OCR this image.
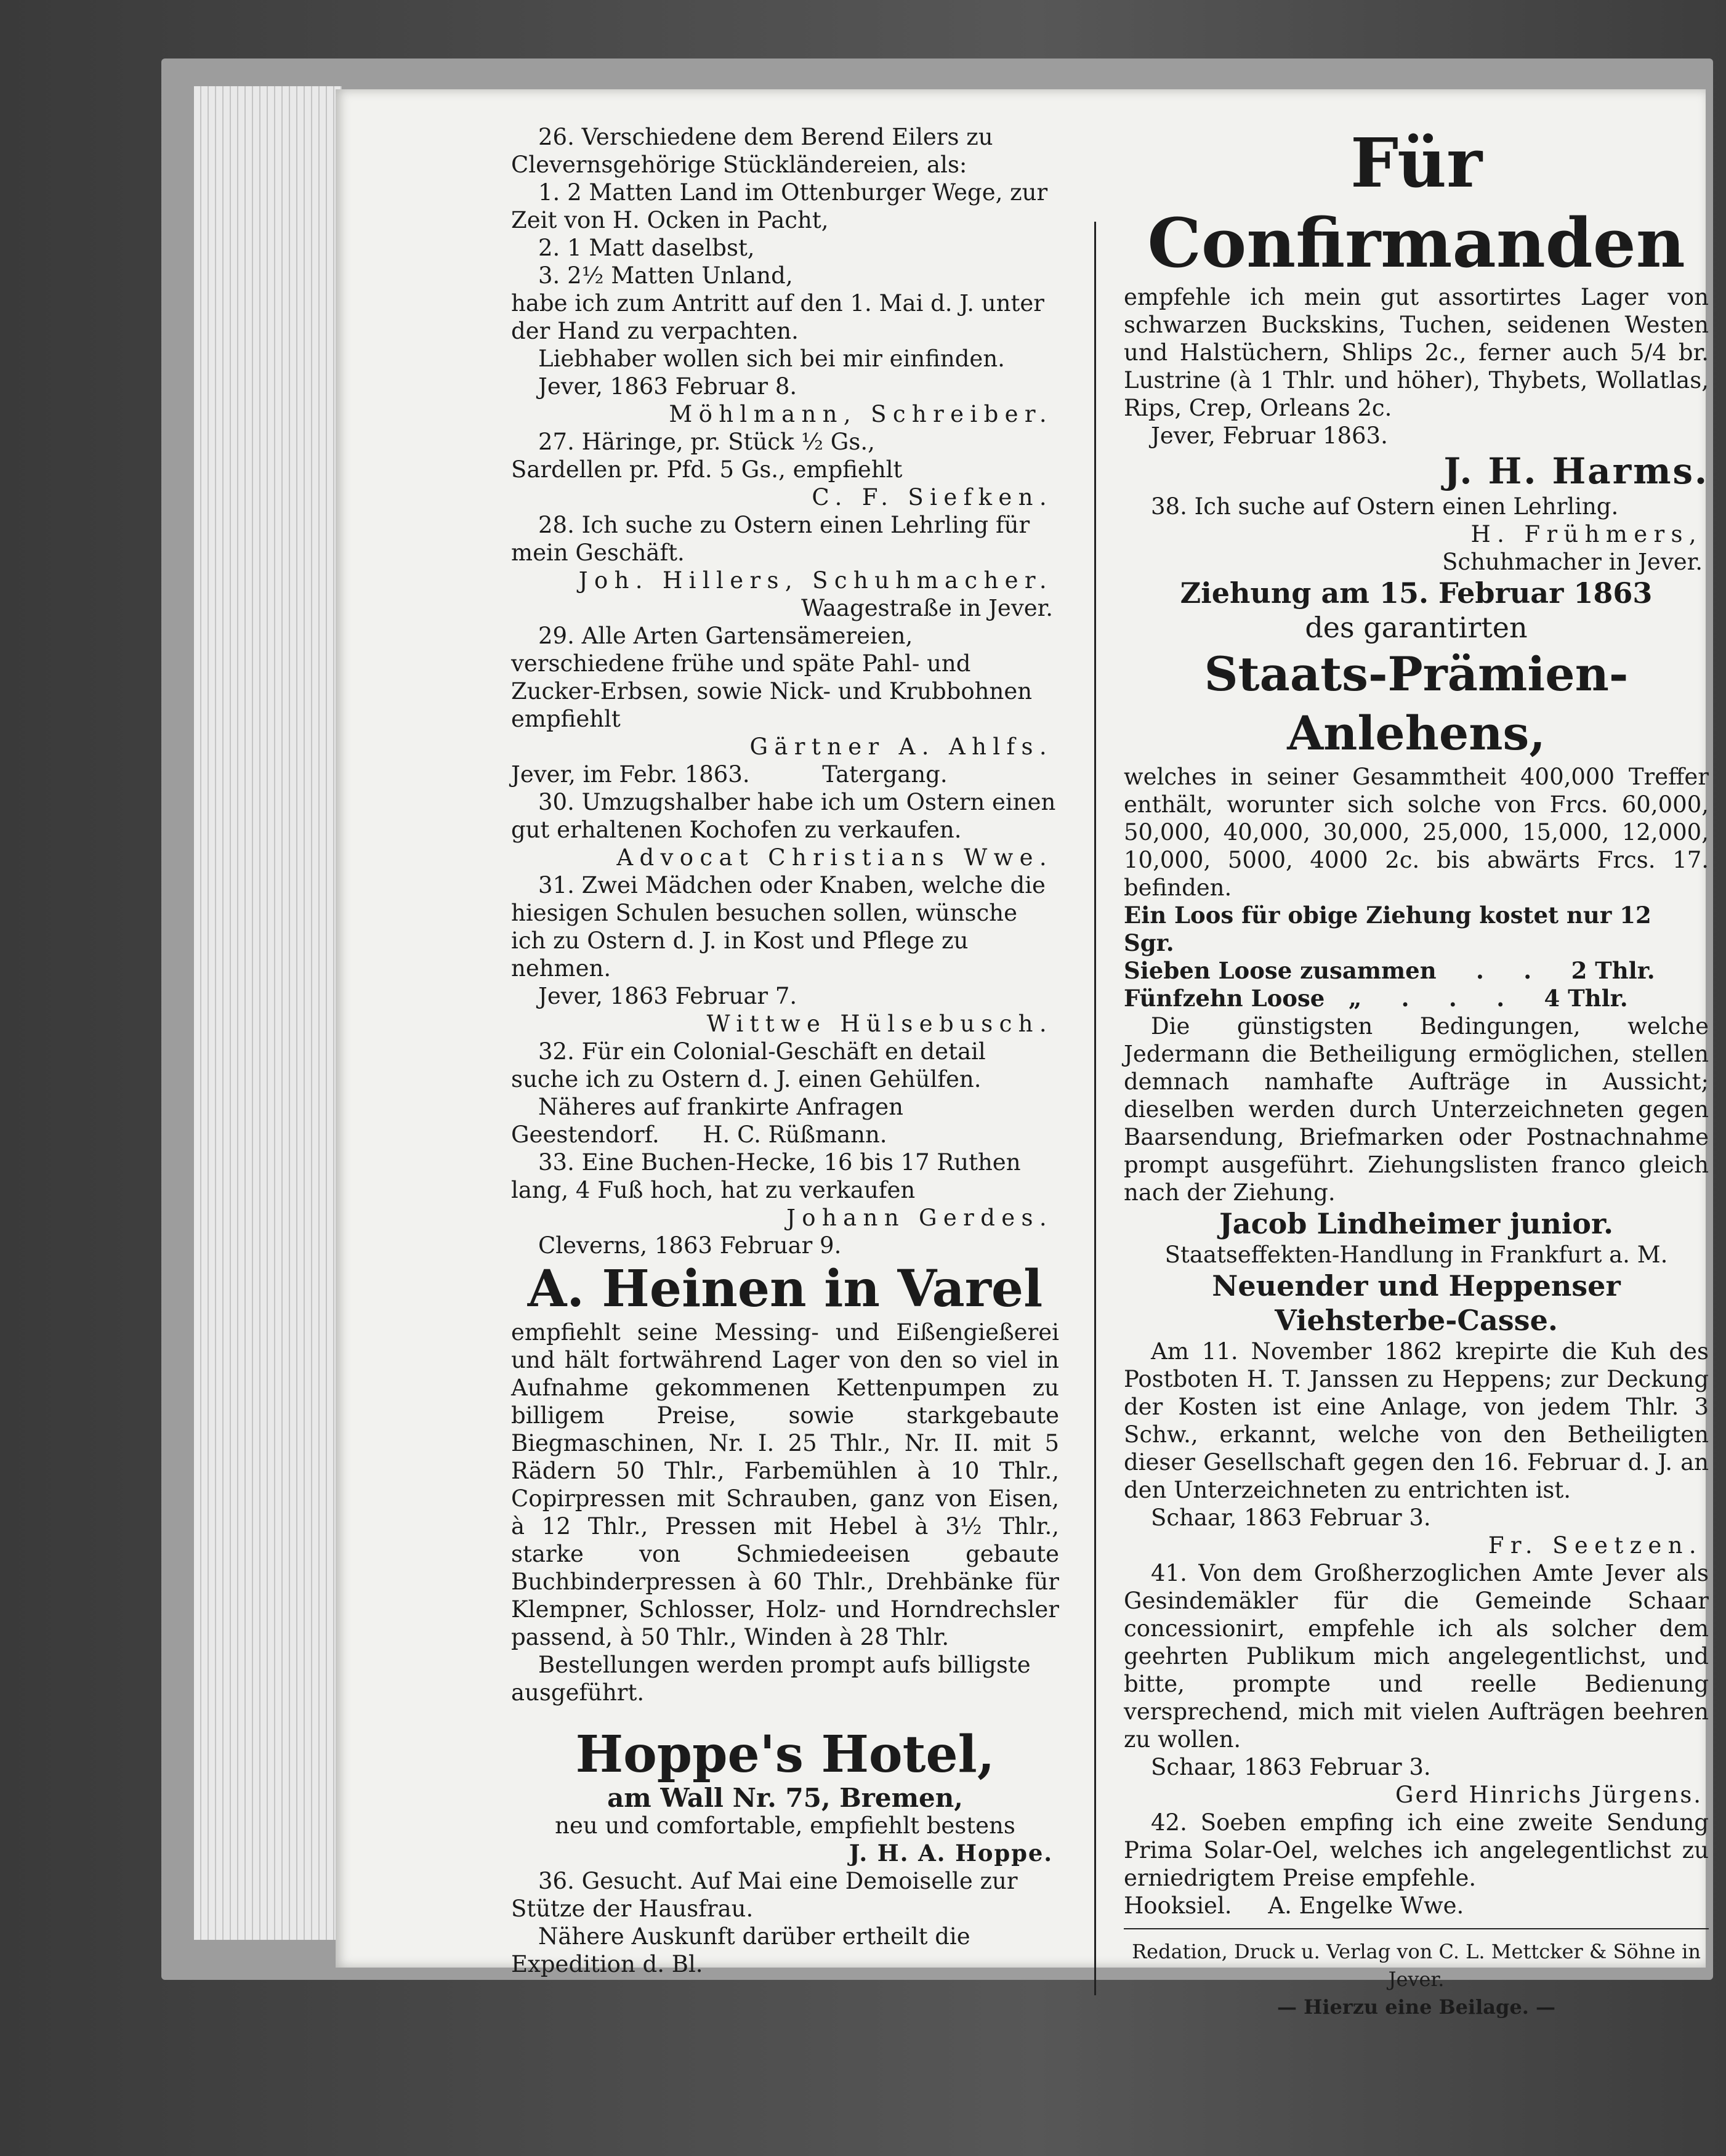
26. Verschiedene dem Berend Eilers zu Clevernsgehörige Stückländereien, als:

1. 2 Matten Land im Ottenburger Wege, zur Zeit von H. Ocken in Pacht,

2. 1 Matt daselbst,

3. 2½ Matten Unland,

habe ich zum Antritt auf den 1. Mai d. J. unter der Hand zu verpachten.

Liebhaber wollen sich bei mir einfinden.

Jever, 1863 Februar 8.

Möhlmann, Schreiber.

27. Häringe, pr. Stück ½ Gs.,

Sardellen pr. Pfd. 5 Gs., empfiehlt

C. F. Siefken.

28. Ich suche zu Ostern einen Lehrling für mein Geschäft.

Joh. Hillers, Schuhmacher.

Waagestraße in Jever.

29. Alle Arten Gartensämereien, verschiedene frühe und späte Pahl- und Zucker-Erbsen, sowie Nick- und Krubbohnen empfiehlt

Gärtner A. Ahlfs.

Jever, im Febr. 1863.          Tatergang.

30. Umzugshalber habe ich um Ostern einen gut erhaltenen Kochofen zu verkaufen.

Advocat Christians Wwe.

31. Zwei Mädchen oder Knaben, welche die hiesigen Schulen besuchen sollen, wünsche ich zu Ostern d. J. in Kost und Pflege zu nehmen.

Jever, 1863 Februar 7.

Wittwe Hülsebusch.

32. Für ein Colonial-Geschäft en detail suche ich zu Ostern d. J. einen Gehülfen.

Näheres auf frankirte Anfragen

Geestendorf.      H. C. Rüßmann.

33. Eine Buchen-Hecke, 16 bis 17 Ruthen lang, 4 Fuß hoch, hat zu verkaufen

Johann Gerdes.

Cleverns, 1863 Februar 9.

A. Heinen in Varel

empfiehlt seine Messing- und Eißengießerei und hält fortwährend Lager von den so viel in Aufnahme gekommenen Kettenpumpen zu billigem Preise, sowie starkgebaute Biegmaschinen, Nr. I. 25 Thlr., Nr. II. mit 5 Rädern 50 Thlr., Farbemühlen à 10 Thlr., Copirpressen mit Schrauben, ganz von Eisen, à 12 Thlr., Pressen mit Hebel à 3½ Thlr., starke von Schmiedeeisen gebaute Buchbinderpressen à 60 Thlr., Drehbänke für Klempner, Schlosser, Holz- und Horndrechsler passend, à 50 Thlr., Winden à 28 Thlr.

Bestellungen werden prompt aufs billigste ausgeführt.

Hoppe's Hotel,

am Wall Nr. 75, Bremen,

neu und comfortable, empfiehlt bestens

J. H. A. Hoppe.

36. Gesucht. Auf Mai eine Demoiselle zur Stütze der Hausfrau.

Nähere Auskunft darüber ertheilt die Expedition d. Bl.

Für Confirmanden

empfehle ich mein gut assortirtes Lager von schwarzen Buckskins, Tuchen, seidenen Westen und Halstüchern, Shlips 2c., ferner auch 5/4 br. Lustrine (à 1 Thlr. und höher), Thybets, Wollatlas, Rips, Crep, Orleans 2c.

Jever, Februar 1863.

J. H. Harms.

38. Ich suche auf Ostern einen Lehrling.

H. Frühmers,

Schuhmacher in Jever.

Ziehung am 15. Februar 1863

des garantirten

Staats-Prämien-Anlehens,

welches in seiner Gesammtheit 400,000 Treffer enthält, worunter sich solche von Frcs. 60,000, 50,000, 40,000, 30,000, 25,000, 15,000, 12,000, 10,000, 5000, 4000 2c. bis abwärts Frcs. 17. befinden.

Ein Loos für obige Ziehung kostet nur 12 Sgr.

Sieben Loose zusammen     .     .     2 Thlr.

Fünfzehn Loose   „     .     .     .     4 Thlr.

Die günstigsten Bedingungen, welche Jedermann die Betheiligung ermöglichen, stellen demnach namhafte Aufträge in Aussicht; dieselben werden durch Unterzeichneten gegen Baarsendung, Briefmarken oder Postnachnahme prompt ausgeführt. Ziehungslisten franco gleich nach der Ziehung.

Jacob Lindheimer junior.

Staatseffekten-Handlung in Frankfurt a. M.

Neuender und Heppenser Viehsterbe-Casse.

Am 11. November 1862 krepirte die Kuh des Postboten H. T. Janssen zu Heppens; zur Deckung der Kosten ist eine Anlage, von jedem Thlr. 3 Schw., erkannt, welche von den Betheiligten dieser Gesellschaft gegen den 16. Februar d. J. an den Unterzeichneten zu entrichten ist.

Schaar, 1863 Februar 3.

Fr. Seetzen.

41. Von dem Großherzoglichen Amte Jever als Gesindemäkler für die Gemeinde Schaar concessionirt, empfehle ich als solcher dem geehrten Publikum mich angelegentlichst, und bitte, prompte und reelle Bedienung versprechend, mich mit vielen Aufträgen beehren zu wollen.

Schaar, 1863 Februar 3.

Gerd Hinrichs Jürgens.

42. Soeben empfing ich eine zweite Sendung Prima Solar-Oel, welches ich angelegentlichst zu erniedrigtem Preise empfehle.

Hooksiel.     A. Engelke Wwe.

Redation, Druck u. Verlag von C. L. Mettcker & Söhne in Jever.

— Hierzu eine Beilage. —
